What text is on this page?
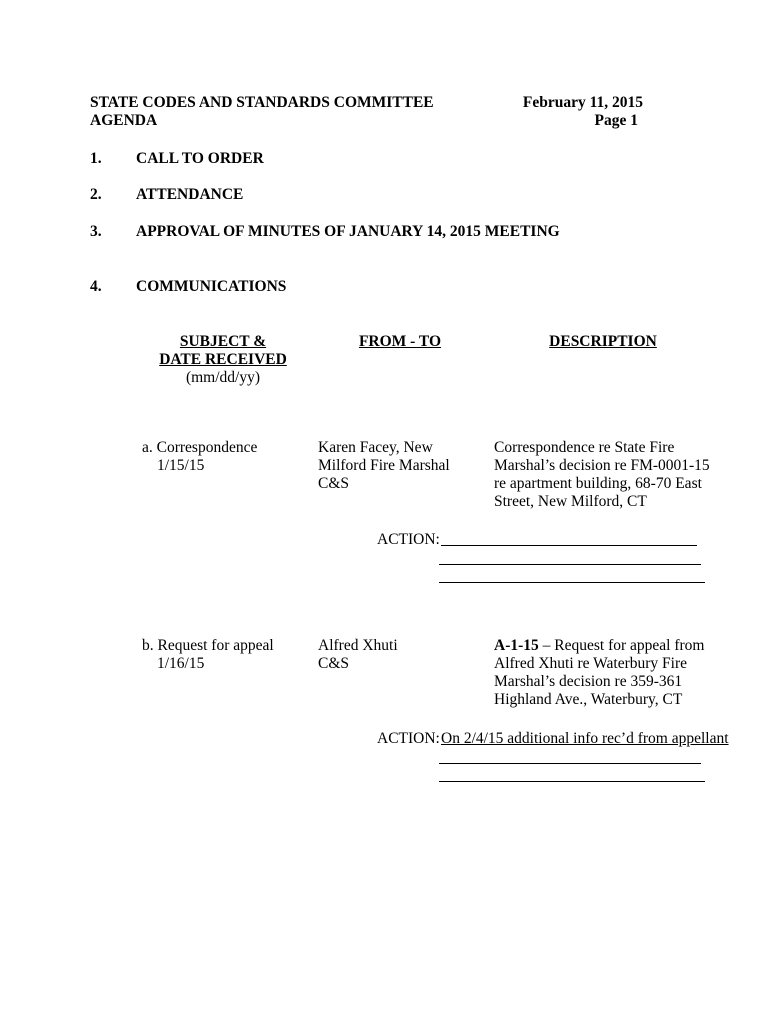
STATE CODES AND STANDARDS COMMITTEE
AGENDA
February 11, 2015
Page 1
1. CALL TO ORDER
2. ATTENDANCE
3. APPROVAL OF MINUTES OF JANUARY 14, 2015 MEETING
4. COMMUNICATIONS
SUBJECT &
DATE RECEIVED
(mm/dd/yy)
FROM - TO	DESCRIPTION
a. Correspondence
1/15/15
Karen Facey, New
Milford Fire Marshal
C&S
Correspondence re State Fire
Marshal’s decision re FM-0001-15
re apartment building, 68-70 East
Street, New Milford, CT
ACTION:
b. Request for appeal
1/16/15
Alfred Xhuti
C&S
A-1-15 – Request for appeal from
Alfred Xhuti re Waterbury Fire
Marshal’s decision re 359-361
Highland Ave., Waterbury, CT
ACTION: On 2/4/15 additional info rec’d from appellant
